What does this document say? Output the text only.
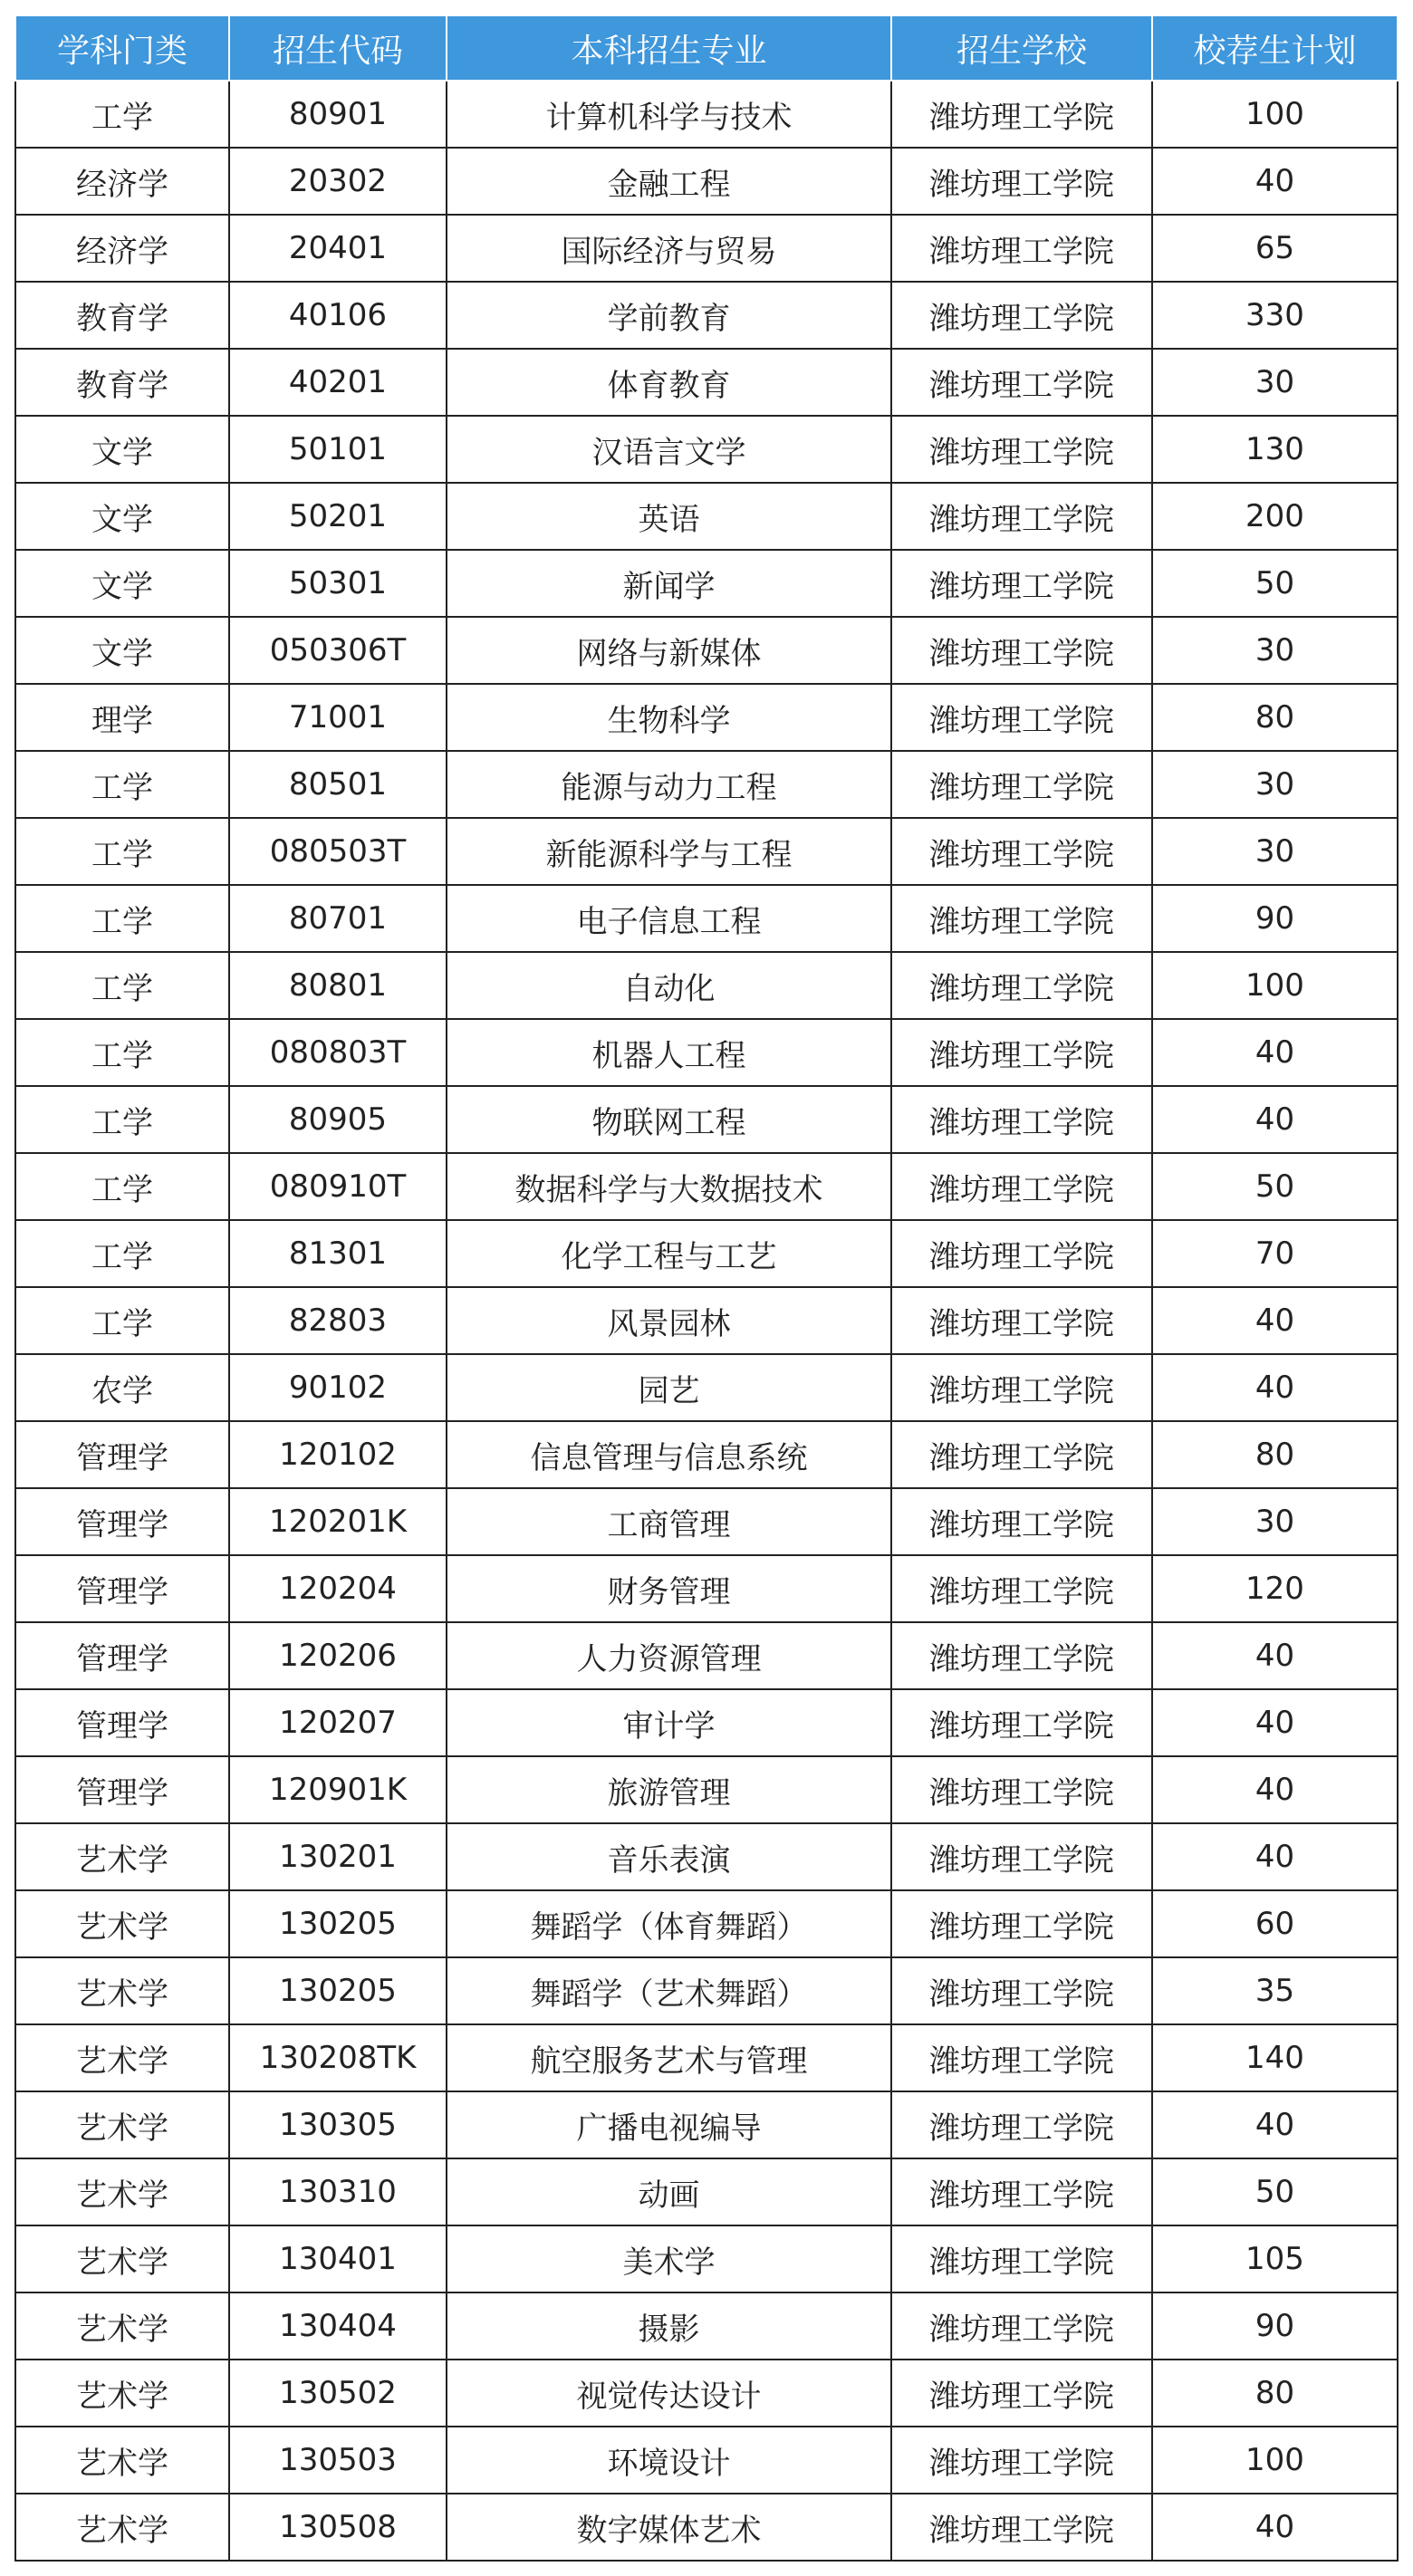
学科门类	招生代码	本科招生专业	招生学校	校荐生计划
工学	80901	计算机科学与技术	潍坊理工学院	100
经济学	20302	金融工程	潍坊理工学院	40
经济学	20401	国际经济与贸易	潍坊理工学院	65
教育学	40106	学前教育	潍坊理工学院	330
教育学	40201	体育教育	潍坊理工学院	30
文学	50101	汉语言文学	潍坊理工学院	130
文学	50201	英语	潍坊理工学院	200
文学	50301	新闻学	潍坊理工学院	50
文学	050306T	网络与新媒体	潍坊理工学院	30
理学	71001	生物科学	潍坊理工学院	80
工学	80501	能源与动力工程	潍坊理工学院	30
工学	080503T	新能源科学与工程	潍坊理工学院	30
工学	80701	电子信息工程	潍坊理工学院	90
工学	80801	自动化	潍坊理工学院	100
工学	080803T	机器人工程	潍坊理工学院	40
工学	80905	物联网工程	潍坊理工学院	40
工学	080910T	数据科学与大数据技术	潍坊理工学院	50
工学	81301	化学工程与工艺	潍坊理工学院	70
工学	82803	风景园林	潍坊理工学院	40
农学	90102	园艺	潍坊理工学院	40
管理学	120102	信息管理与信息系统	潍坊理工学院	80
管理学	120201K	工商管理	潍坊理工学院	30
管理学	120204	财务管理	潍坊理工学院	120
管理学	120206	人力资源管理	潍坊理工学院	40
管理学	120207	审计学	潍坊理工学院	40
管理学	120901K	旅游管理	潍坊理工学院	40
艺术学	130201	音乐表演	潍坊理工学院	40
艺术学	130205	舞蹈学（体育舞蹈）	潍坊理工学院	60
艺术学	130205	舞蹈学（艺术舞蹈）	潍坊理工学院	35
艺术学	130208TK	航空服务艺术与管理	潍坊理工学院	140
艺术学	130305	广播电视编导	潍坊理工学院	40
艺术学	130310	动画	潍坊理工学院	50
艺术学	130401	美术学	潍坊理工学院	105
艺术学	130404	摄影	潍坊理工学院	90
艺术学	130502	视觉传达设计	潍坊理工学院	80
艺术学	130503	环境设计	潍坊理工学院	100
艺术学	130508	数字媒体艺术	潍坊理工学院	40
